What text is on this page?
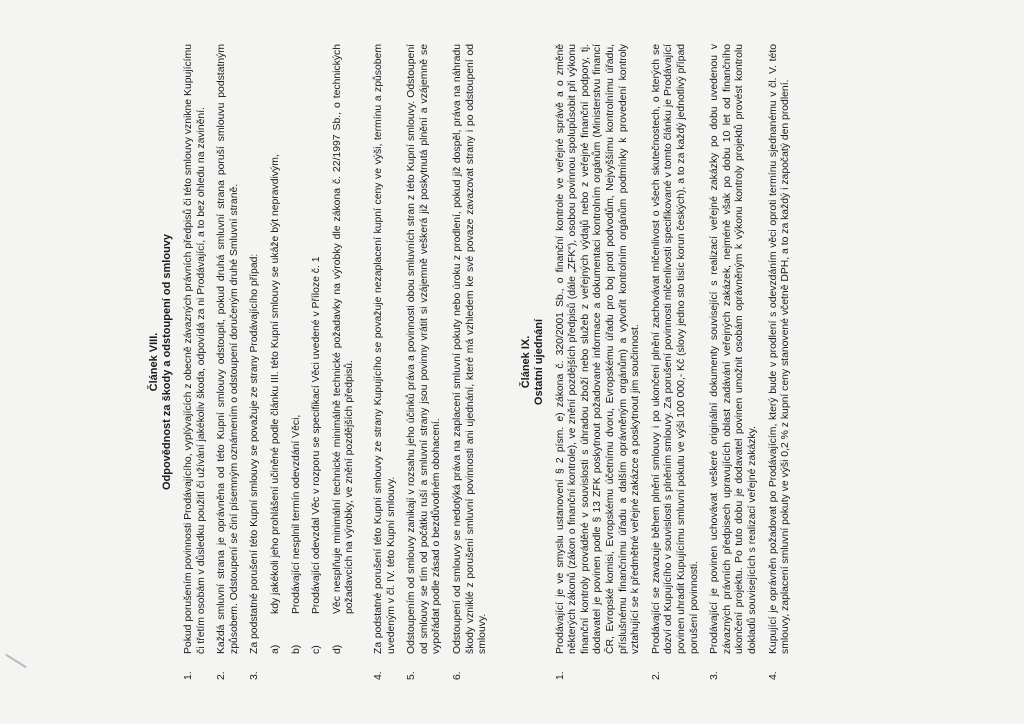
Článek VIII. Odpovědnost za škody a odstoupení od smlouvy
1.
Pokud porušením povinnosti Prodávajícího, vyplývajících z obecně závazných právních předpisů či této smlouvy vznikne Kupujícímu či třetím osobám v důsledku použití či užívání jakékoliv škoda, odpovídá za ni Prodávající, a to bez ohledu na zavinění.
2.
Každá smluvní strana je oprávněna od této Kupní smlouvy odstoupit, pokud druhá smluvní strana poruší smlouvu podstatným způsobem. Odstoupení se činí písemným oznámením o odstoupení doručeným druhé Smluvní straně.
3.
Za podstatné porušení této Kupní smlouvy se považuje ze strany Prodávajícího případ: a)
kdy jakékoli jeho prohlášení učiněné podle článku III. této Kupní smlouvy se ukáže být nepravdivým,
b)
Prodávající nesplnil termín odevzdání Věci,
c)
Prodávající odevzdal Věc v rozporu se specifikací Věci uvedené v Příloze č. 1
d)
Věc nesplňuje minimální technické minimálně technické požadavky na výrobky dle zákona č. 22/1997 Sb., o technických požadavcích na výrobky, ve znění pozdějších předpisů.
4.
Za podstatné porušení této Kupní smlouvy ze strany Kupujícího se považuje nezaplacení kupní ceny ve výši, termínu a způsobem uvedeným v čl. IV. této Kupní smlouvy.
5.
Odstoupením od smlouvy zanikají v rozsahu jeho účinků práva a povinnosti obou smluvních stran z této Kupní smlouvy. Odstoupení od smlouvy se tím od počátku ruší a smluvní strany jsou povinny vrátit si vzájemně veškerá již poskytnutá plnění a vzájemně se vypořádat podle zásad o bezdůvodném obohacení.
6.
Odstoupení od smlouvy se nedotýká práva na zaplacení smluvní pokuty nebo úroku z prodlení, pokud již dospěl, práva na náhradu škody vzniklé z porušení smluvní povinnosti ani ujednání, které má vzhledem ke své povaze zavazovat strany i po odstoupení od smlouvy.
Článek IX. Ostatní ujednání
1.
Prodávající je ve smyslu ustanovení § 2 písm. e) zákona č. 320/2001 Sb., o finanční kontrole ve veřejné správě a o změně některých zákonů (zákon o finanční kontrole), ve znění pozdějších předpisů (dále „ZFK“), osobou povinnou spolupůsobit při výkonu finanční kontroly prováděné v souvislosti s úhradou zboží nebo služeb z veřejných výdajů nebo z veřejné finanční podpory, tj. dodavatel je povinen podle § 13 ZFK poskytnout požadované informace a dokumentaci kontrolním orgánům (Ministerstvu financí ČR, Evropské komisi, Evropskému účetnímu dvoru, Evropskému úřadu pro boj proti podvodům, Nejvyššímu kontrolnímu úřadu, příslušnému finančnímu úřadu a dalším oprávněným orgánům) a vytvořit kontrolním orgánům podmínky k provedení kontroly vztahující se k předmětné veřejné zakázce a poskytnout jim součinnost.
2.
Prodávající se zavazuje během plnění smlouvy i po ukončení plnění zachovávat mlčenlivost o všech skutečnostech, o kterých se dozví od Kupujícího v souvislosti s plněním smlouvy. Za porušení povinnosti mlčenlivosti specifikované v tomto článku je Prodávající povinen uhradit Kupujícímu smluvní pokutu ve výši 100 000,- Kč (slovy jedno sto tisíc korun českých), a to za každý jednotlivý případ porušení povinnosti.
3.
Prodávající je povinen uchovávat veškeré originální dokumenty související s realizací veřejné zakázky po dobu uvedenou v závazných právních předpisech upravujících oblast zadávání veřejných zakázek, nejméně však po dobu 10 let od finančního ukončení projektu. Po tuto dobu je dodavatel povinen umožnit osobám oprávněným k výkonu kontroly projektů provést kontrolu dokladů souvisejících s realizací veřejné zakázky.
4.
Kupující je oprávněn požadovat po Prodávajícím, který bude v prodlení s odevzdáním věci oproti termínu sjednanému v čl. V. této smlouvy, zaplacení smluvní pokuty ve výši 0,2 % z kupní ceny stanovené včetně DPH, a to za každý i započatý den prodlení.
